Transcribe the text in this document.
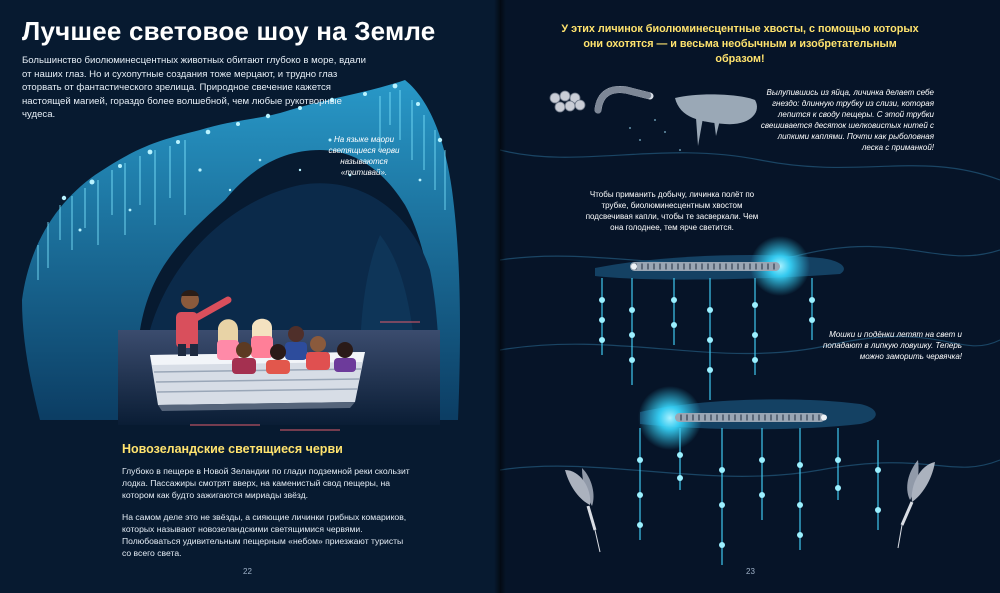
Лучшее световое шоу на Земле

Большинство биолюминесцентных животных обитают глубоко в море, вдали от наших глаз. Но и сухопутные создания тоже мерцают, и трудно глаз оторвать от фантастического зрелища. Природное свечение кажется настоящей магией, гораздо более волшебной, чем любые рукотворные чудеса.

На языке маори светящиеся черви называются «титивай».

Новозеландские светящиеся черви

Глубоко в пещере в Новой Зеландии по глади подземной реки скользит лодка. Пассажиры смотрят вверх, на каменистый свод пещеры, на котором как будто зажигаются мириады звёзд.

На самом деле это не звёзды, а сияющие личинки грибных комариков, которых называют новозеландскими светящимися червями. Полюбоваться удивительным пещерным «небом» приезжают туристы со всего света.

22

У этих личинок биолюминесцентные хвосты, с помощью которых они охотятся — и весьма необычным и изобретательным образом!

Вылупившись из яйца, личинка делает себе гнездо: длинную трубку из слизи, которая лепится к своду пещеры. С этой трубки свешивается десяток шелковистых нитей с липкими каплями. Почти как рыболовная леска с приманкой!

Чтобы приманить добычу, личинка полёт по трубке, биолюминесцентным хвостом подсвечивая капли, чтобы те засверкали. Чем она голоднее, тем ярче светится.

Мошки и подёнки летят на свет и попадают в липкую ловушку. Теперь можно заморить червячка!

23
